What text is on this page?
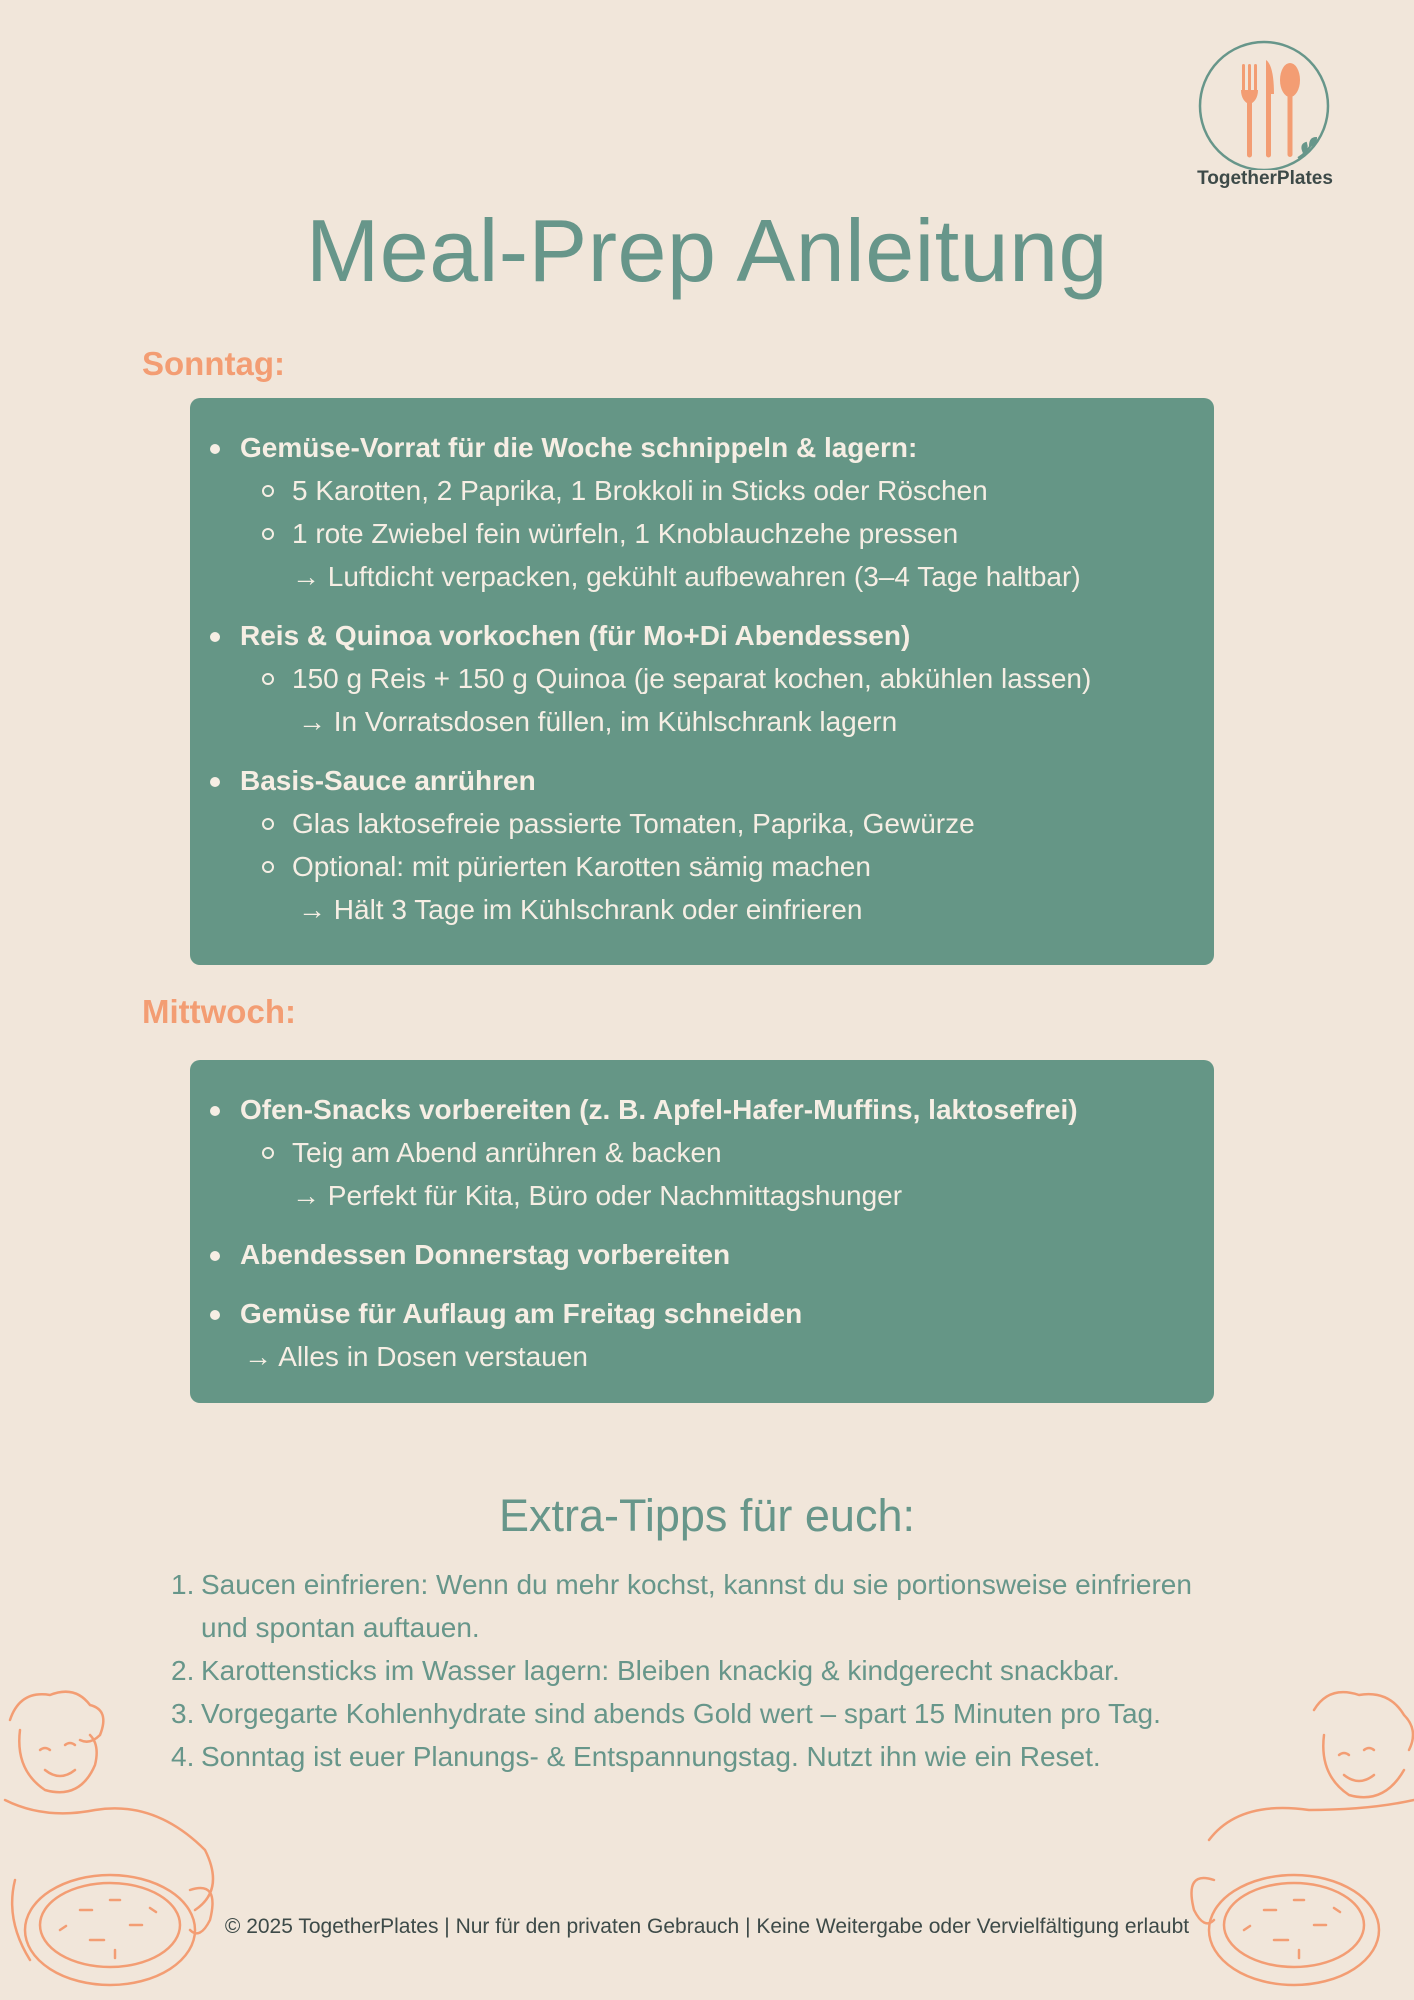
TogetherPlates
Meal-Prep Anleitung
Sonntag:
Gemüse-Vorrat für die Woche schnippeln & lagern:
5 Karotten, 2 Paprika, 1 Brokkoli in Sticks oder Röschen
1 rote Zwiebel fein würfeln, 1 Knoblauchzehe pressen
→ Luftdicht verpacken, gekühlt aufbewahren (3–4 Tage haltbar)
Reis & Quinoa vorkochen (für Mo+Di Abendessen)
150 g Reis + 150 g Quinoa (je separat kochen, abkühlen lassen)
→ In Vorratsdosen füllen, im Kühlschrank lagern
Basis-Sauce anrühren
Glas laktosefreie passierte Tomaten, Paprika, Gewürze
Optional: mit pürierten Karotten sämig machen
→ Hält 3 Tage im Kühlschrank oder einfrieren
Mittwoch:
Ofen-Snacks vorbereiten (z. B. Apfel-Hafer-Muffins, laktosefrei)
Teig am Abend anrühren & backen
→ Perfekt für Kita, Büro oder Nachmittagshunger
Abendessen Donnerstag vorbereiten
Gemüse für Auflaug am Freitag schneiden
→ Alles in Dosen verstauen
Extra-Tipps für euch:
1. Saucen einfrieren: Wenn du mehr kochst, kannst du sie portionsweise einfrieren und spontan auftauen.
2. Karottensticks im Wasser lagern: Bleiben knackig & kindgerecht snackbar.
3. Vorgegarte Kohlenhydrate sind abends Gold wert – spart 15 Minuten pro Tag.
4. Sonntag ist euer Planungs- & Entspannungstag. Nutzt ihn wie ein Reset.
© 2025 TogetherPlates | Nur für den privaten Gebrauch | Keine Weitergabe oder Vervielfältigung erlaubt
